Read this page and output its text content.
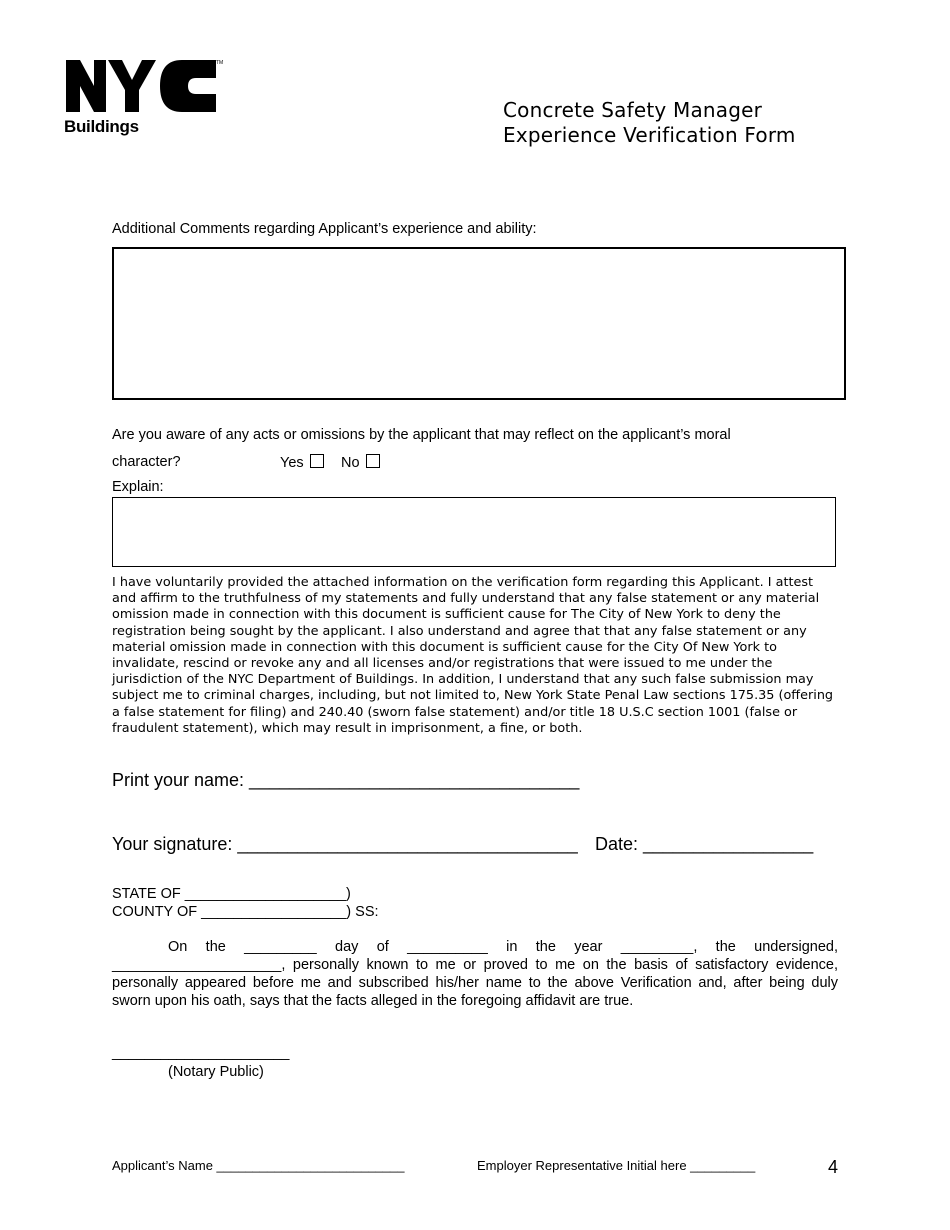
TM
Buildings
Concrete Safety Manager
Experience Verification Form
Additional Comments regarding Applicant’s experience and ability:
Are you aware of any acts or omissions by the applicant that may reflect on the applicant’s moral
character?	Yes	No
Explain:
I have voluntarily provided the attached information on the verification form regarding this Applicant. I attest and affirm to the truthfulness of my statements and fully understand that any false statement or any material omission made in connection with this document is sufficient cause for The City of New York to deny the registration being sought by the applicant. I also understand and agree that that any false statement or any material omission made in connection with this document is sufficient cause for the City Of New York to invalidate, rescind or revoke any and all licenses and/or registrations that were issued to me under the jurisdiction of the NYC Department of Buildings. In addition, I understand that any such false submission may subject me to criminal charges, including, but not limited to, New York State Penal Law sections 175.35 (offering a false statement for filing) and 240.40 (sworn false statement) and/or title 18 U.S.C section 1001 (false or fraudulent statement), which may result in imprisonment, a fine, or both.
Print your name: _________________________________
Your signature: __________________________________ Date: _________________
STATE OF ____________________)
COUNTY OF __________________) SS:
On the _________ day of __________ in the year _________, the undersigned, _____________________, personally known to me or proved to me on the basis of satisfactory evidence, personally appeared before me and subscribed his/her name to the above Verification and, after being duly sworn upon his oath, says that the facts alleged in the foregoing affidavit are true.
______________________
(Notary Public)
Applicant’s Name __________________________	Employer Representative Initial here _________	4
